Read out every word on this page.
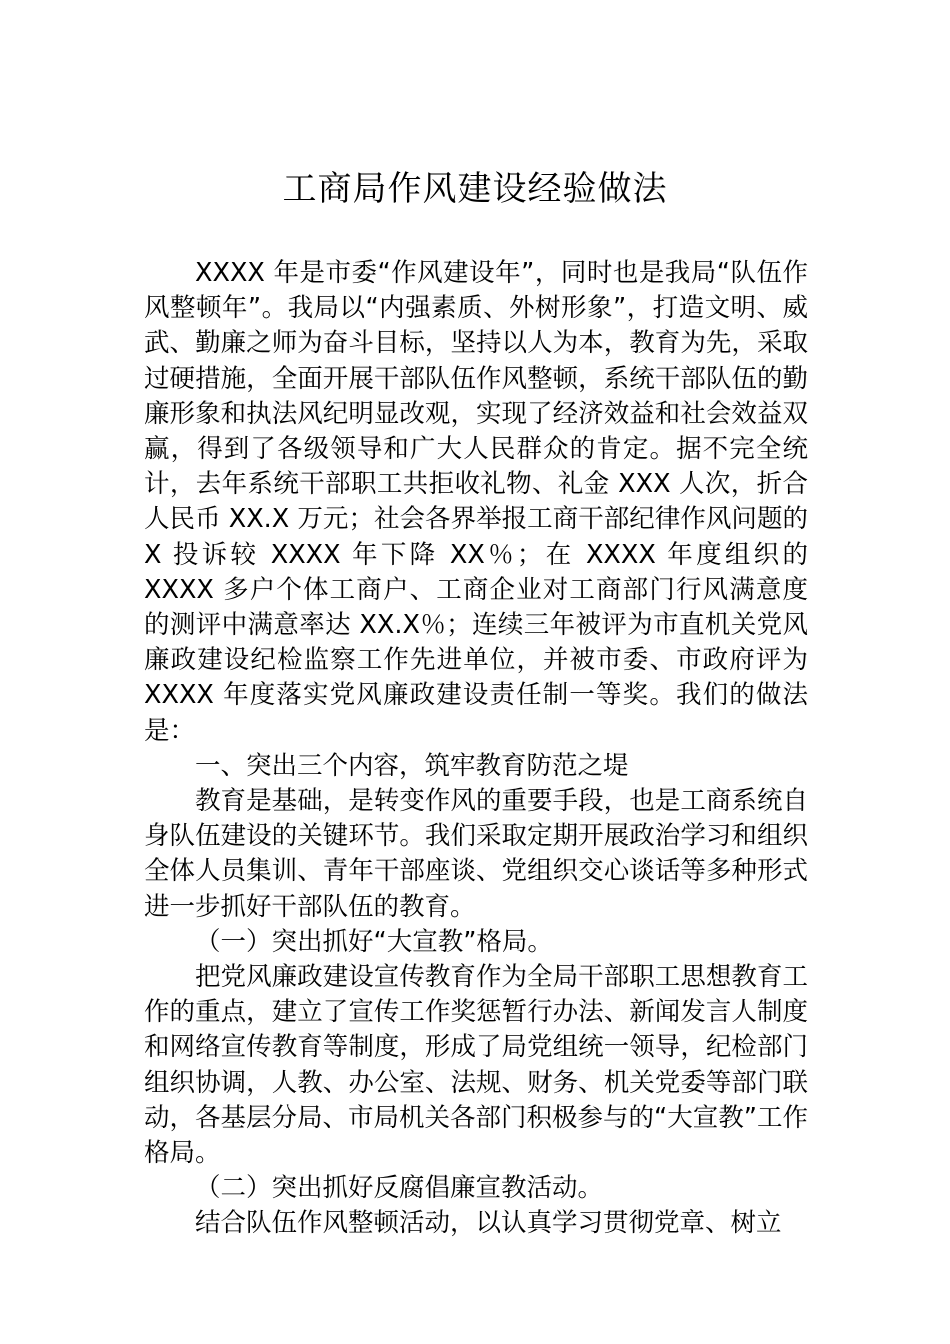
工商局作风建设经验做法

XXXX 年是市委“作风建设年”，同时也是我局“队伍作风整顿年”。我局以“内强素质、外树形象”，打造文明、威武、勤廉之师为奋斗目标，坚持以人为本，教育为先，采取过硬措施，全面开展干部队伍作风整顿，系统干部队伍的勤廉形象和执法风纪明显改观，实现了经济效益和社会效益双赢，得到了各级领导和广大人民群众的肯定。据不完全统计，去年系统干部职工共拒收礼物、礼金 XXX 人次，折合人民币 XX.X 万元；社会各界举报工商干部纪律作风问题的 X 投诉较 XXXX 年下降 XX％；在 XXXX 年度组织的 XXXX 多户个体工商户、工商企业对工商部门行风满意度的测评中满意率达 XX.X％；连续三年被评为市直机关党风廉政建设纪检监察工作先进单位，并被市委、市政府评为 XXXX 年度落实党风廉政建设责任制一等奖。我们的做法是：

一、突出三个内容，筑牢教育防范之堤

教育是基础，是转变作风的重要手段，也是工商系统自身队伍建设的关键环节。我们采取定期开展政治学习和组织全体人员集训、青年干部座谈、党组织交心谈话等多种形式进一步抓好干部队伍的教育。

（一）突出抓好“大宣教”格局。

把党风廉政建设宣传教育作为全局干部职工思想教育工作的重点，建立了宣传工作奖惩暂行办法、新闻发言人制度和网络宣传教育等制度，形成了局党组统一领导，纪检部门组织协调，人教、办公室、法规、财务、机关党委等部门联动，各基层分局、市局机关各部门积极参与的“大宣教”工作格局。

（二）突出抓好反腐倡廉宣教活动。

结合队伍作风整顿活动，以认真学习贯彻党章、树立
